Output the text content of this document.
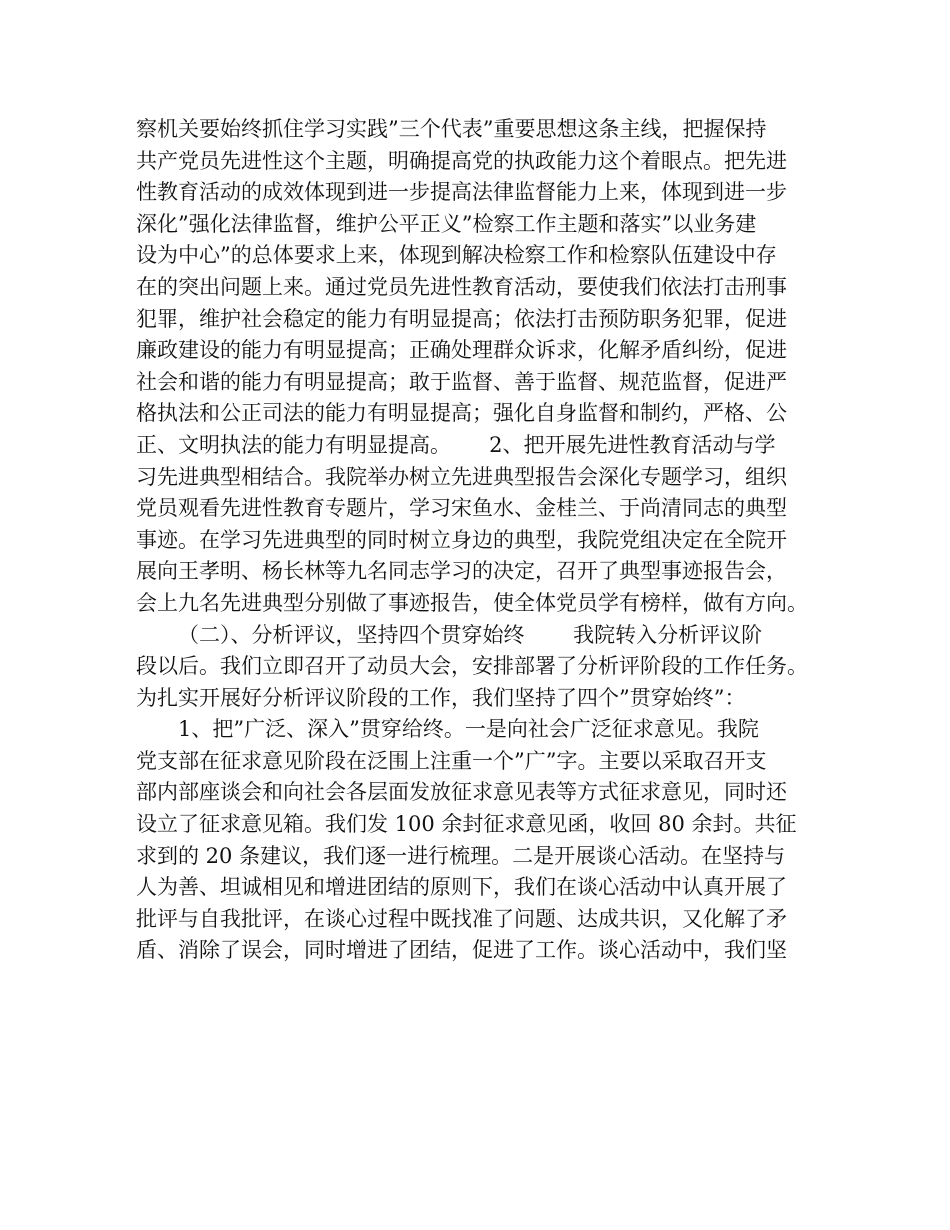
察机关要始终抓住学习实践”三个代表”重要思想这条主线，把握保持
共产党员先进性这个主题，明确提高党的执政能力这个着眼点。把先进
性教育活动的成效体现到进一步提高法律监督能力上来，体现到进一步
深化”强化法律监督，维护公平正义”检察工作主题和落实”以业务建
设为中心”的总体要求上来，体现到解决检察工作和检察队伍建设中存
在的突出问题上来。通过党员先进性教育活动，要使我们依法打击刑事
犯罪，维护社会稳定的能力有明显提高；依法打击预防职务犯罪，促进
廉政建设的能力有明显提高；正确处理群众诉求，化解矛盾纠纷，促进
社会和谐的能力有明显提高；敢于监督、善于监督、规范监督，促进严
格执法和公正司法的能力有明显提高；强化自身监督和制约，严格、公
正、文明执法的能力有明显提高。　　 2、把开展先进性教育活动与学
习先进典型相结合。我院举办树立先进典型报告会深化专题学习，组织
党员观看先进性教育专题片，学习宋鱼水、金桂兰、于尚清同志的典型
事迹。在学习先进典型的同时树立身边的典型，我院党组决定在全院开
展向王孝明、杨长林等九名同志学习的决定，召开了典型事迹报告会，
会上九名先进典型分别做了事迹报告，使全体党员学有榜样，做有方向。
（二）、分析评议，坚持四个贯穿始终　　 我院转入分析评议阶
段以后。我们立即召开了动员大会，安排部署了分析评阶段的工作任务。
为扎实开展好分析评议阶段的工作，我们坚持了四个”贯穿始终”：
1、把”广泛、深入”贯穿给终。一是向社会广泛征求意见。我院
党支部在征求意见阶段在泛围上注重一个”广”字。主要以采取召开支
部内部座谈会和向社会各层面发放征求意见表等方式征求意见，同时还
设立了征求意见箱。我们发 100 余封征求意见函，收回 80 余封。共征
求到的 20 条建议，我们逐一进行梳理。二是开展谈心活动。在坚持与
人为善、坦诚相见和增进团结的原则下，我们在谈心活动中认真开展了
批评与自我批评，在谈心过程中既找准了问题、达成共识，又化解了矛
盾、消除了误会，同时增进了团结，促进了工作。谈心活动中，我们坚
